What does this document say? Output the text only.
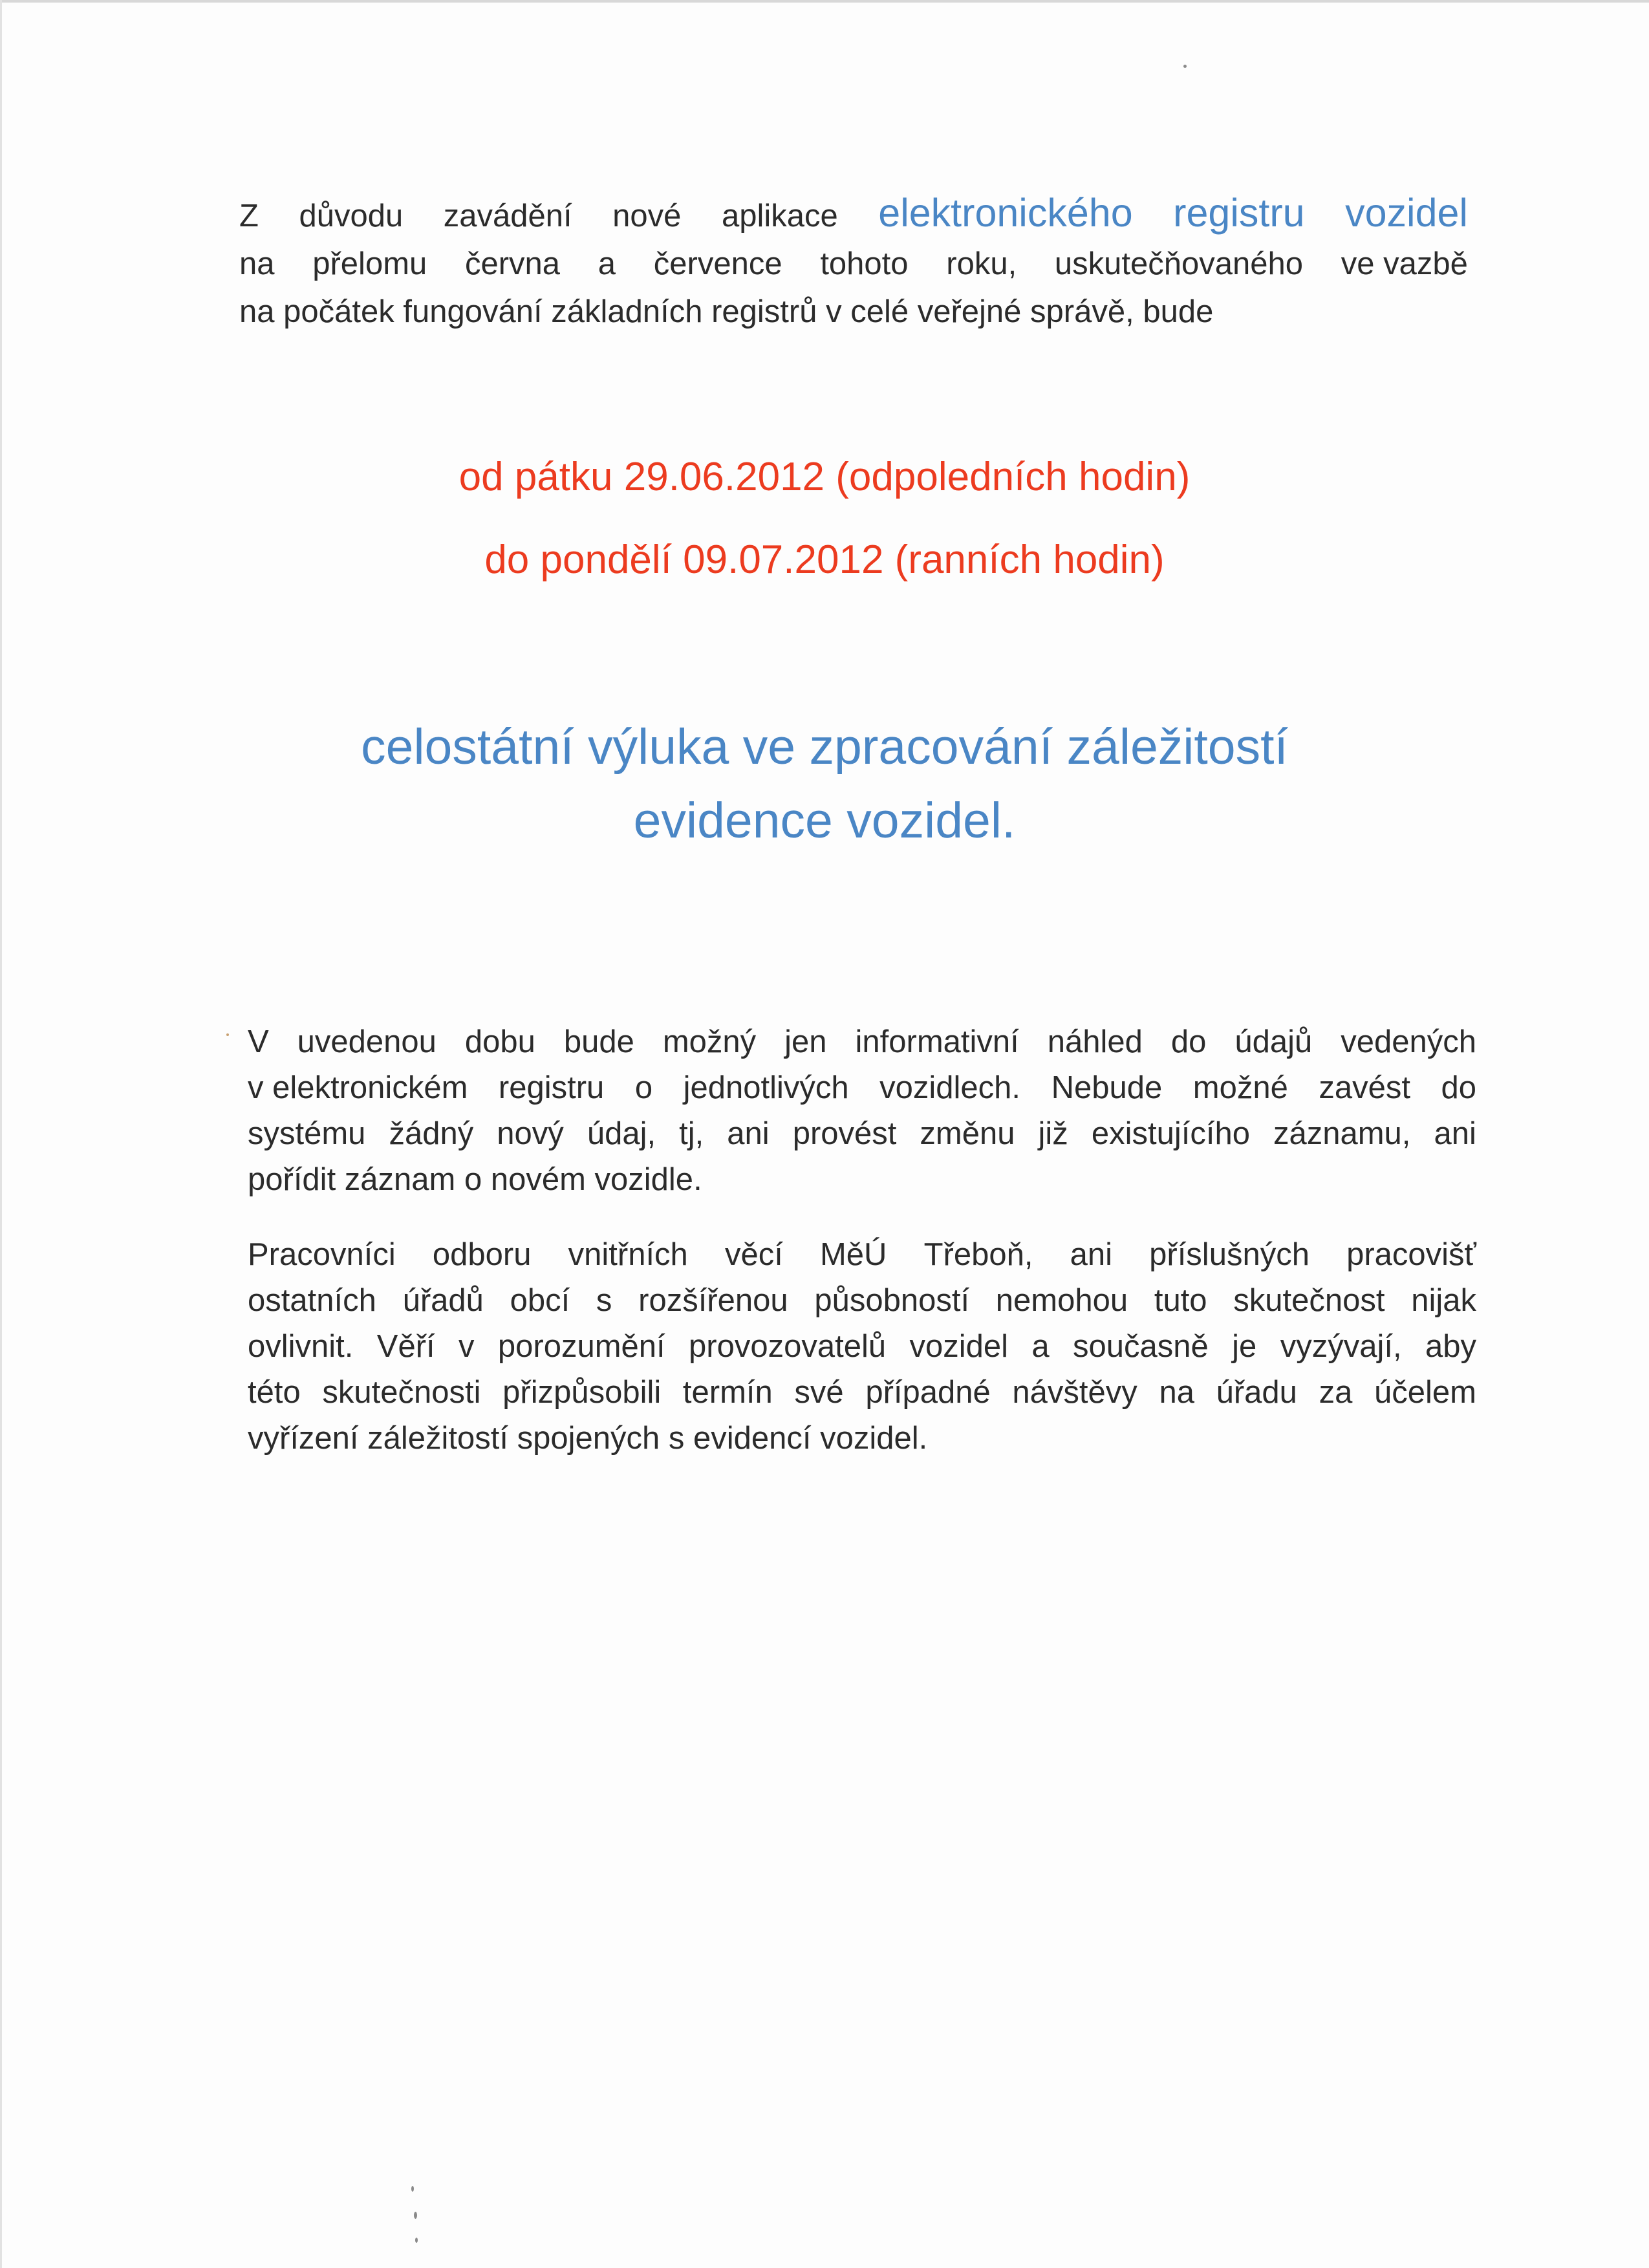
Z důvodu zavádění nové aplikace elektronického registru vozidel
na přelomu června a července tohoto roku, uskutečňovaného ve vazbě
na počátek fungování základních registrů v celé veřejné správě, bude
od pátku 29.06.2012 (odpoledních hodin)
do pondělí 09.07.2012 (ranních hodin)
celostátní výluka ve zpracování záležitostí
evidence vozidel.
V uvedenou dobu bude možný jen informativní náhled do údajů vedených
v elektronickém registru o jednotlivých vozidlech. Nebude možné zavést do
systému žádný nový údaj, tj, ani provést změnu již existujícího záznamu, ani
pořídit záznam o novém vozidle.
Pracovníci odboru vnitřních věcí MěÚ Třeboň, ani příslušných pracovišť
ostatních úřadů obcí s rozšířenou působností nemohou tuto skutečnost nijak
ovlivnit. Věří v porozumění provozovatelů vozidel a současně je vyzývají, aby
této skutečnosti přizpůsobili termín své případné návštěvy na úřadu za účelem
vyřízení záležitostí spojených s evidencí vozidel.
